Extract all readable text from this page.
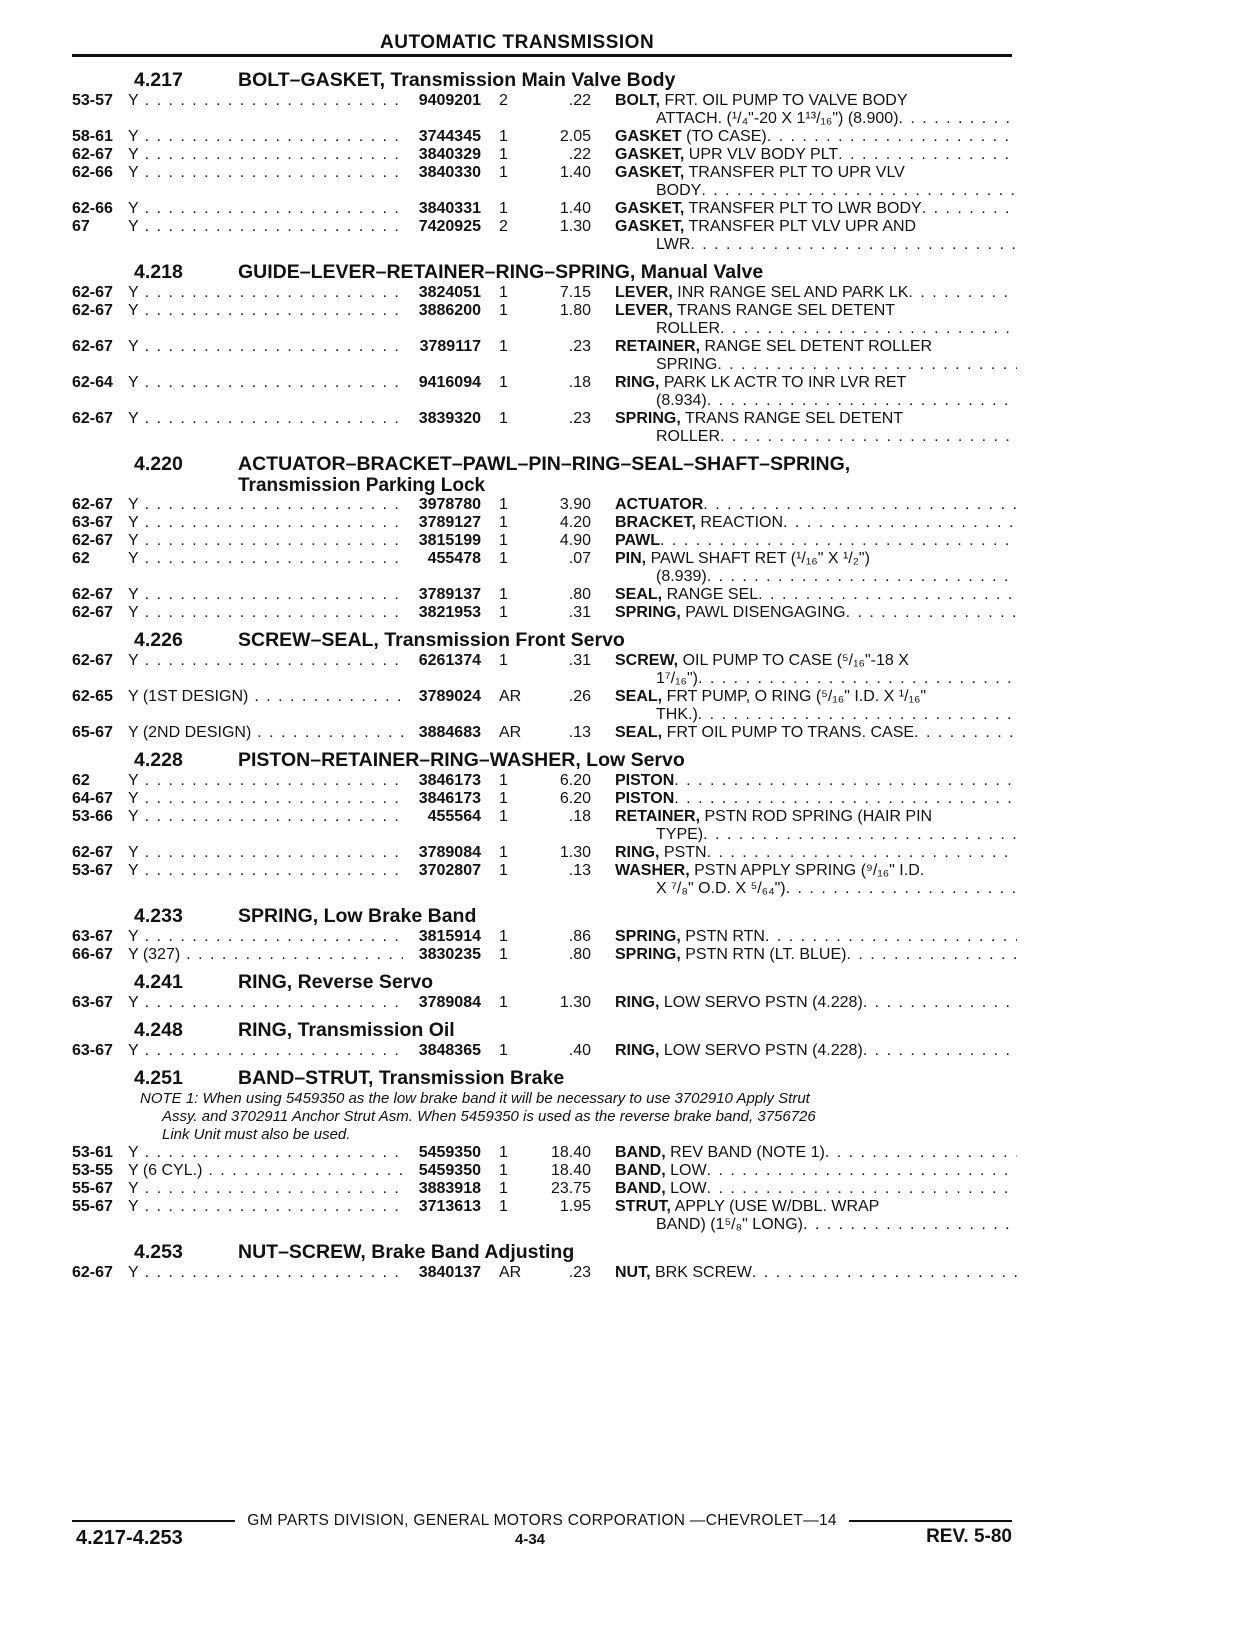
AUTOMATIC TRANSMISSION
4.217	BOLT–GASKET, Transmission Main Valve Body
53-57 Y . . .	9409201	2	.22	BOLT, FRT. OIL PUMP TO VALVE BODY
ATTACH. (¹/₄"-20 X 1¹³/₁₆") (8.900)
. . .
58-61 Y . . .	3744345	1	2.05	GASKET (TO CASE)
. . .
62-67 Y . . .	3840329	1	.22	GASKET, UPR VLV BODY PLT
. . .
62-66 Y . . .	3840330	1	1.40	GASKET, TRANSFER PLT TO UPR VLV
BODY
. . .
62-66 Y . . .	3840331	1	1.40	GASKET, TRANSFER PLT TO LWR BODY
. . .
67	Y . . .	7420925	2	1.30	GASKET, TRANSFER PLT VLV UPR AND
LWR
. . .
4.218	GUIDE–LEVER–RETAINER–RING–SPRING, Manual Valve
62-67 Y . . .	3824051	1	7.15	LEVER, INR RANGE SEL AND PARK LK
. . .
62-67 Y . . .	3886200	1	1.80	LEVER, TRANS RANGE SEL DETENT
ROLLER
. . .
62-67 Y . . .	3789117	1	.23	RETAINER, RANGE SEL DETENT ROLLER
SPRING
. . .
62-64 Y . . .	9416094	1	.18	RING, PARK LK ACTR TO INR LVR RET
(8.934)
. . .
62-67 Y . . .	3839320	1	.23	SPRING, TRANS RANGE SEL DETENT
ROLLER
. . .
4.220	ACTUATOR–BRACKET–PAWL–PIN–RING–SEAL–SHAFT–SPRING,
Transmission Parking Lock
62-67 Y . . .	3978780	1	3.90	ACTUATOR
. . .
63-67 Y . . .	3789127	1	4.20	BRACKET, REACTION
. . .
62-67 Y . . .	3815199	1	4.90	PAWL
. . .
62	Y . . .	455478	1	.07	PIN, PAWL SHAFT RET (¹/₁₆" X ¹/₂")
(8.939)
. . .
62-67 Y . . .	3789137	1	.80	SEAL, RANGE SEL
. . .
62-67 Y . . .	3821953	1	.31	SPRING, PAWL DISENGAGING
. . .
4.226	SCREW–SEAL, Transmission Front Servo
62-67 Y . . .	6261374	1	.31	SCREW, OIL PUMP TO CASE (⁵/₁₆"-18 X
1⁷/₁₆")
. . .
62-65 Y (1ST DESIGN) . . .	3789024	AR	.26	SEAL, FRT PUMP, O RING (⁵/₁₆" I.D. X ¹/₁₆"
THK.)
. . .
65-67 Y (2ND DESIGN) . . .	3884683	AR	.13	SEAL, FRT OIL PUMP TO TRANS. CASE
. . .
4.228	PISTON–RETAINER–RING–WASHER, Low Servo
62	Y . . .	3846173	1	6.20	PISTON
. . .
64-67 Y . . .	3846173	1	6.20	PISTON
. . .
53-66 Y . . .	455564	1	.18	RETAINER, PSTN ROD SPRING (HAIR PIN
TYPE)
. . .
62-67 Y . . .	3789084	1	1.30	RING, PSTN
. . .
53-67 Y . . .	3702807	1	.13	WASHER, PSTN APPLY SPRING (⁹/₁₆" I.D.
X ⁷/₈" O.D. X ⁵/₆₄")
. . .
4.233	SPRING, Low Brake Band
63-67 Y . . .	3815914	1	.86	SPRING, PSTN RTN
. . .
66-67 Y (327) . . .	3830235	1	.80	SPRING, PSTN RTN (LT. BLUE)
. . .
4.241	RING, Reverse Servo
63-67 Y . . .	3789084	1	1.30	RING, LOW SERVO PSTN (4.228)
. . .
4.248	RING, Transmission Oil
63-67 Y . . .	3848365	1	.40	RING, LOW SERVO PSTN (4.228)
. . .
4.251	BAND–STRUT, Transmission Brake
NOTE 1: When using 5459350 as the low brake band it will be necessary to use 3702910 Apply Strut
Assy. and 3702911 Anchor Strut Asm. When 5459350 is used as the reverse brake band, 3756726
Link Unit must also be used.
53-61 Y . . .	5459350	1	18.40	BAND, REV BAND (NOTE 1)
. . .
53-55 Y (6 CYL.) . . .	5459350	1	18.40	BAND, LOW
. . .
55-67 Y . . .	3883918	1	23.75	BAND, LOW
. . .
55-67 Y . . .	3713613	1	1.95	STRUT, APPLY (USE W/DBL. WRAP
BAND) (1⁵/₈" LONG)
. . .
4.253	NUT–SCREW, Brake Band Adjusting
62-67 Y . . .	3840137	AR	.23	NUT, BRK SCREW
. . .
GM PARTS DIVISION, GENERAL MOTORS CORPORATION —CHEVROLET—14
4.217-4.253	4-34	REV. 5-80
